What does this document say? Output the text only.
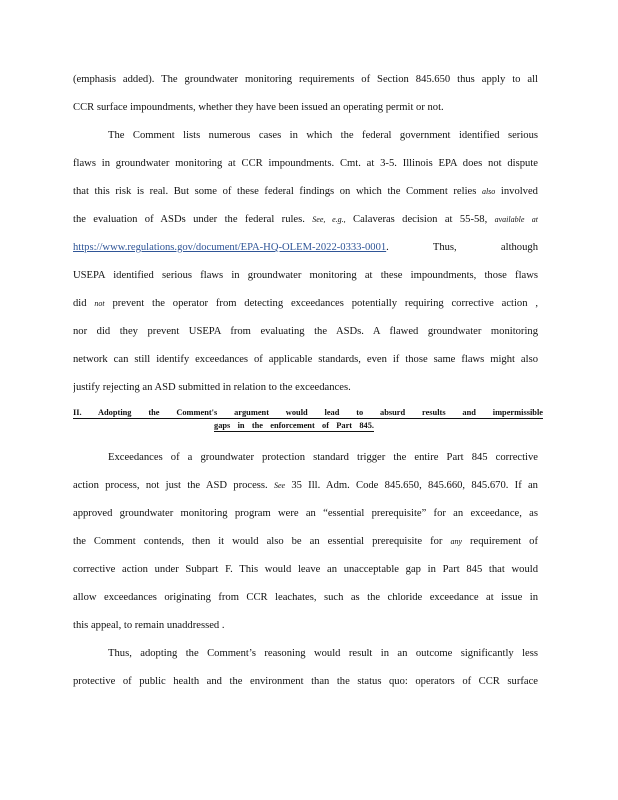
(emphasis added). The groundwater monitoring requirements of Section 845.650 thus apply to all
CCR surface impoundments, whether they have been issued an operating permit or not.
The Comment lists numerous cases in which the federal government identified serious
flaws in groundwater monitoring at CCR impoundments. Cmt. at 3-5. Illinois EPA does not dispute
that this risk is real. But some of these federal findings on which the Comment relies also involved
the evaluation of ASDs under the federal rules. See, e.g., Calaveras decision at 55-58, available at
https://www.regulations.gov/document/EPA-HQ-OLEM-2022-0333-0001. Thus, although
USEPA identified serious flaws in groundwater monitoring at these impoundments, those flaws
did not prevent the operator from detecting exceedances potentially requiring corrective action ,
nor did they prevent USEPA from evaluating the ASDs. A flawed groundwater monitoring
network can still identify exceedances of applicable standards, even if those same flaws might also
justify rejecting an ASD submitted in relation to the exceedances.
II. Adopting the Comment's argument would lead to absurd results and impermissible
gaps in the enforcement of Part 845.
Exceedances of a groundwater protection standard trigger the entire Part 845 corrective
action process, not just the ASD process. See 35 Ill. Adm. Code 845.650, 845.660, 845.670. If an
approved groundwater monitoring program were an “essential prerequisite” for an exceedance, as
the Comment contends, then it would also be an essential prerequisite for any requirement of
corrective action under Subpart F. This would leave an unacceptable gap in Part 845 that would
allow exceedances originating from CCR leachates, such as the chloride exceedance at issue in
this appeal, to remain unaddressed .
Thus, adopting the Comment’s reasoning would result in an outcome significantly less
protective of public health and the environment than the status quo: operators of CCR surface
